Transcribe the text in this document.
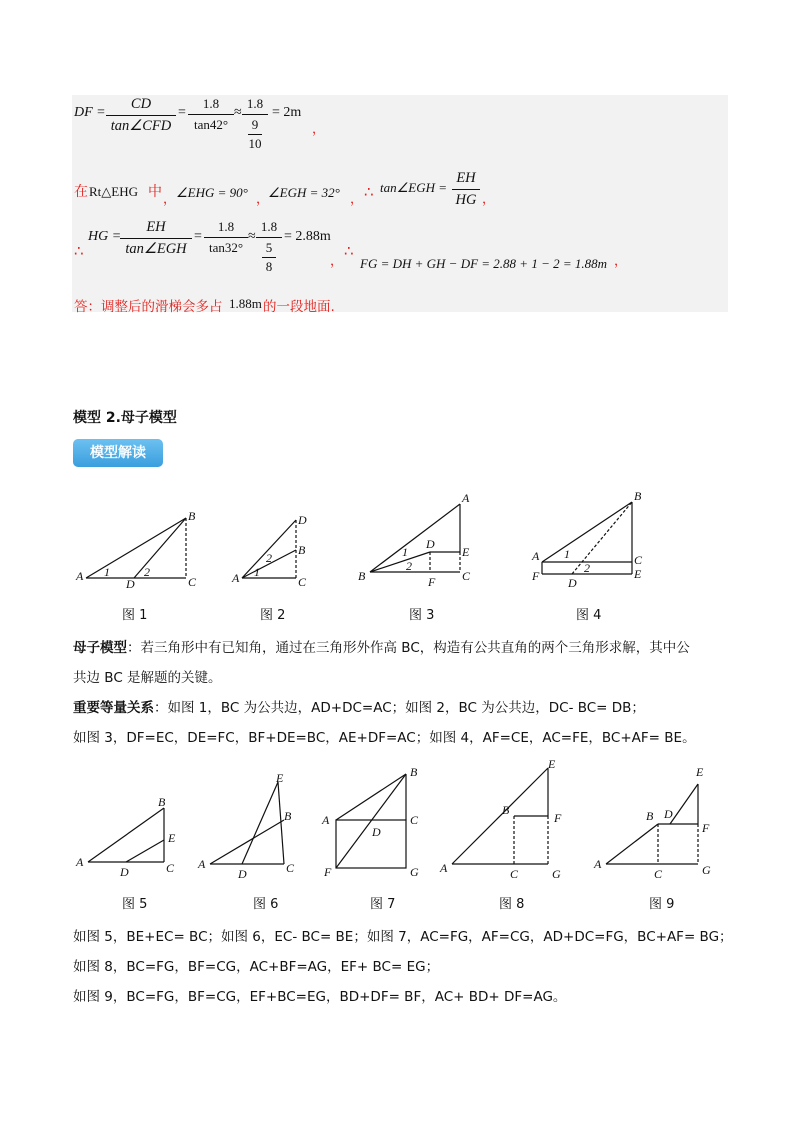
DF =
CD
tan∠CFD
=
1.8
tan42°
≈
1.8
9
10
= 2m
，
在 Rt△EHG 中 ， ∠EHG = 90° ，
∠EGH = 32° ， ∴ tan∠EGH =
EH
HG ，
∴
HG =
EH
tan∠EGH
=
1.8
tan32°
≈
1.8
5
8
= 2.88m
，
∴
FG = DH + GH − DF = 2.88 + 1 − 2 = 1.88m ，
答：调整后的滑梯会多占 1.88m 的一段地面.
模型 2.母子模型
模型解读
A
B
C
D
1	2	A
D
B
C
2
1	B
A
D
E
F C
1
2
A
B
C
E
F D
1
2
图 1	图 2	图 3	图 4
母子模型：若三角形中有已知角，通过在三角形外作高 BC，构造有公共直角的两个三角形求解，其中公
共边 BC 是解题的关键。
重要等量关系：如图 1，BC 为公共边，AD+DC=AC；如图 2，BC 为公共边，DC- BC= DB；
如图 3，DF=EC，DE=FC，BF+DE=BC，AE+DF=AC；如图 4，AF=CE，AC=FE，BC+AF= BE。
A
B
E
C
D
A
E
B
C
D
A
B
C
D
F	G A
E
B
F
C	G
A
E
B D
F
C	G
图 5	图 6	图 7	图 8	图 9
如图 5，BE+EC= BC；如图 6，EC- BC= BE；如图 7，AC=FG，AF=CG，AD+DC=FG，BC+AF= BG；
如图 8，BC=FG，BF=CG，AC+BF=AG，EF+ BC= EG；
如图 9，BC=FG，BF=CG，EF+BC=EG，BD+DF= BF，AC+ BD+ DF=AG。
